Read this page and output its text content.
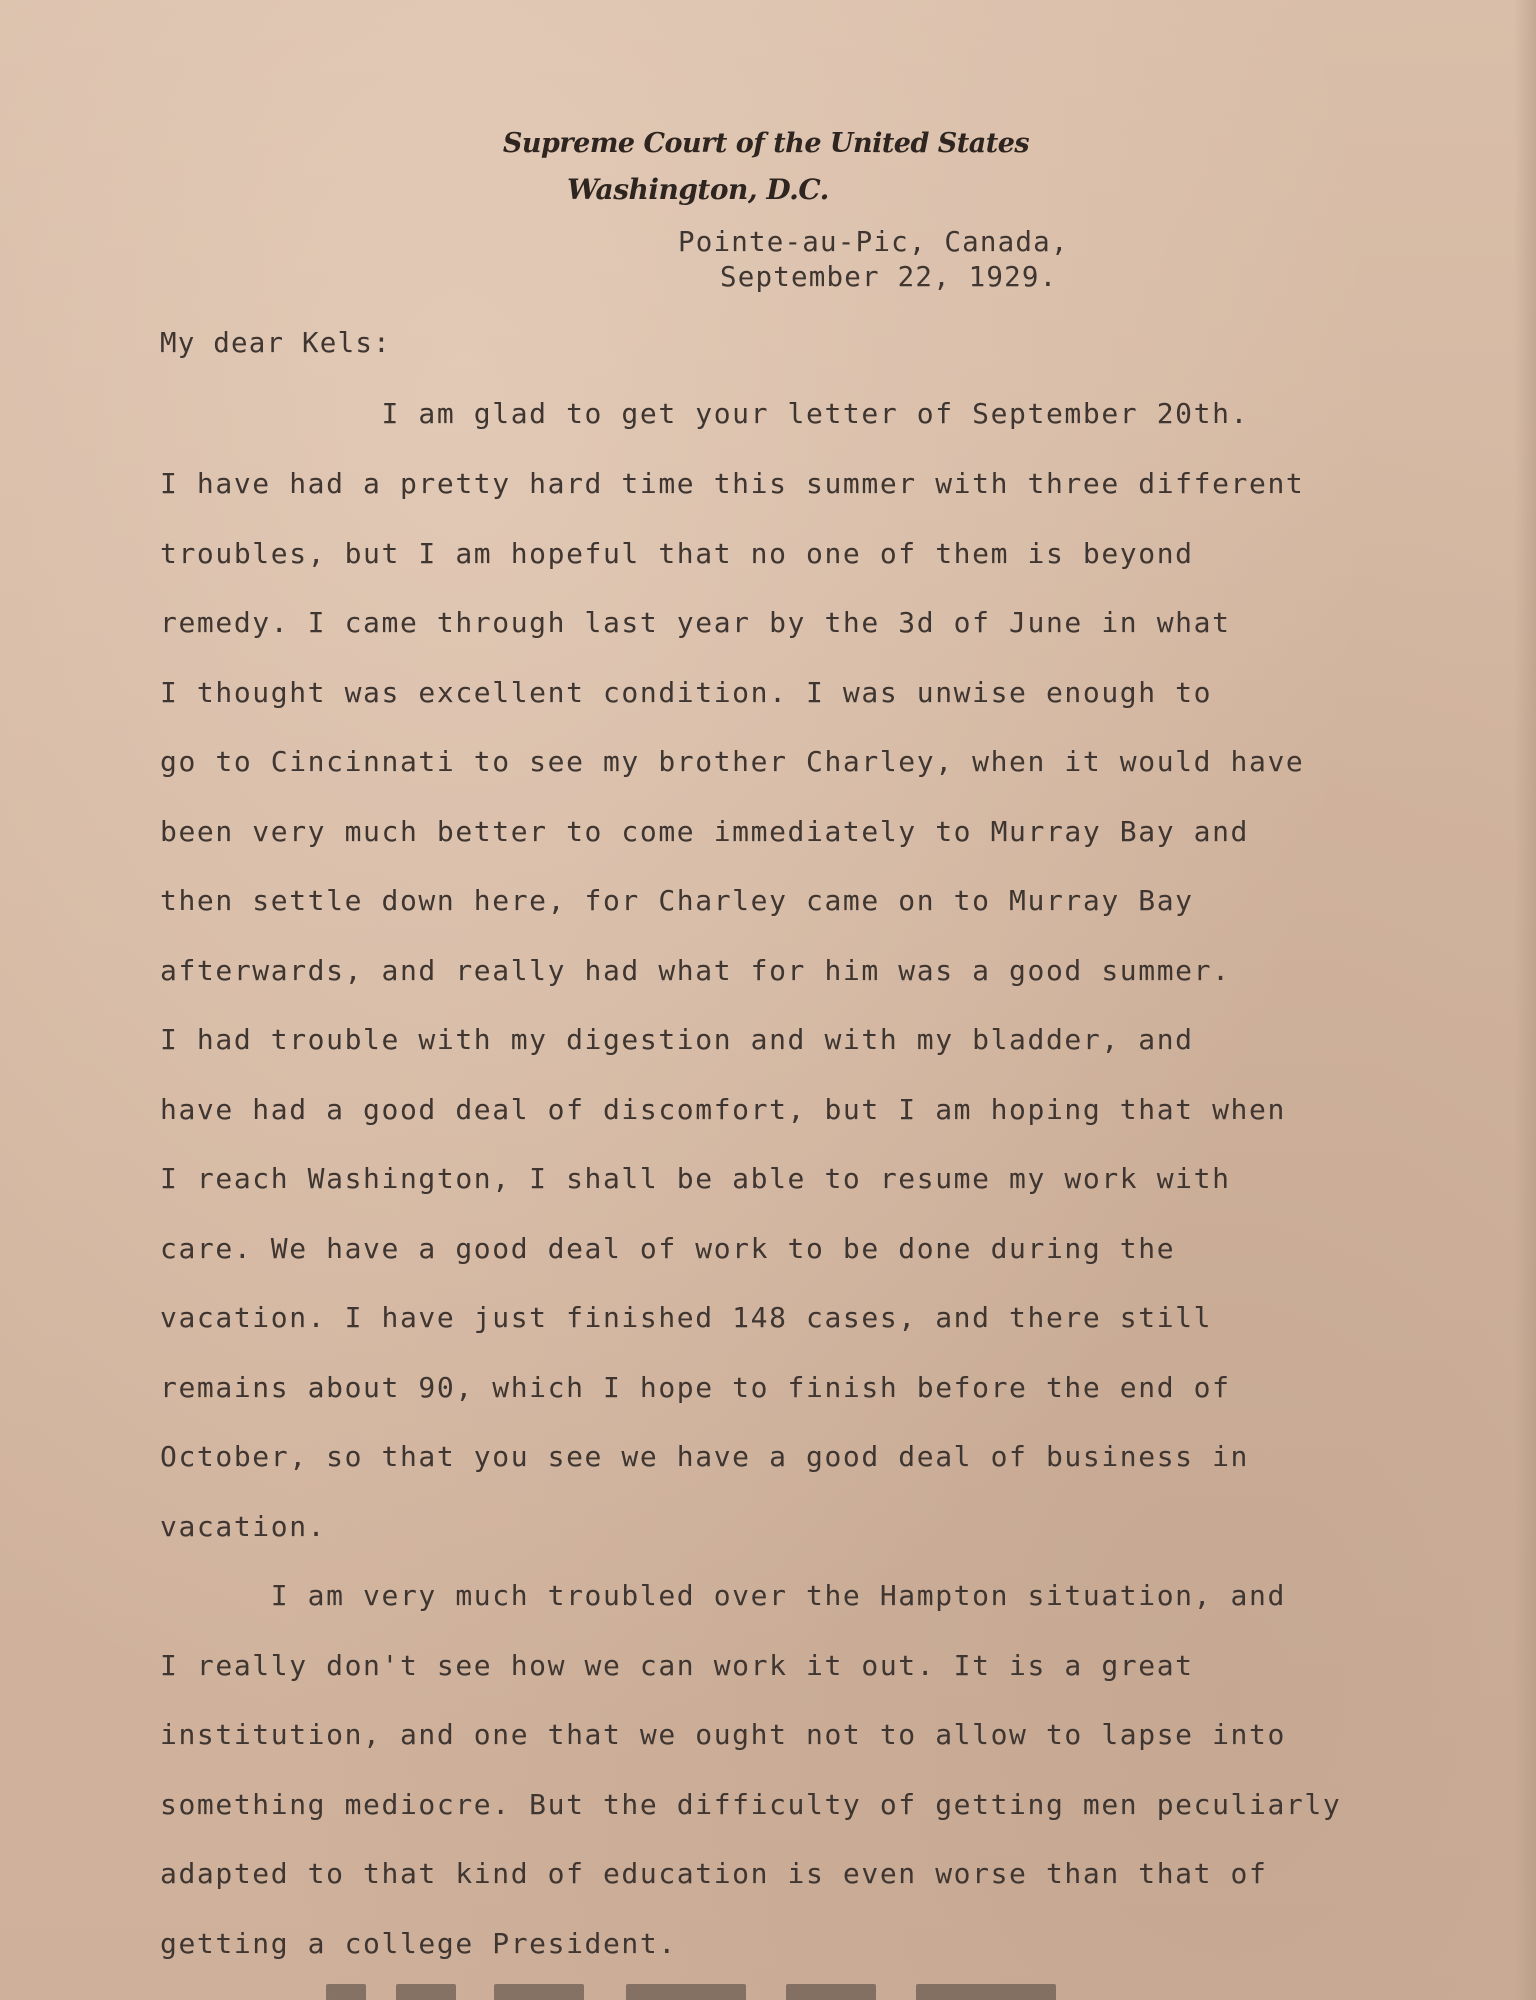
Supreme Court of the United States
Washington, D.C.
Pointe-au-Pic, Canada,
September 22, 1929.
My dear Kels:
I am glad to get your letter of September 20th.
I have had a pretty hard time this summer with three different
troubles, but I am hopeful that no one of them is beyond
remedy. I came through last year by the 3d of June in what
I thought was excellent condition. I was unwise enough to
go to Cincinnati to see my brother Charley, when it would have
been very much better to come immediately to Murray Bay and
then settle down here, for Charley came on to Murray Bay
afterwards, and really had what for him was a good summer.
I had trouble with my digestion and with my bladder, and
have had a good deal of discomfort, but I am hoping that when
I reach Washington, I shall be able to resume my work with
care. We have a good deal of work to be done during the
vacation. I have just finished 148 cases, and there still
remains about 90, which I hope to finish before the end of
October, so that you see we have a good deal of business in
vacation.
I am very much troubled over the Hampton situation, and
I really don't see how we can work it out. It is a great
institution, and one that we ought not to allow to lapse into
something mediocre. But the difficulty of getting men peculiarly
adapted to that kind of education is even worse than that of
getting a college President.
